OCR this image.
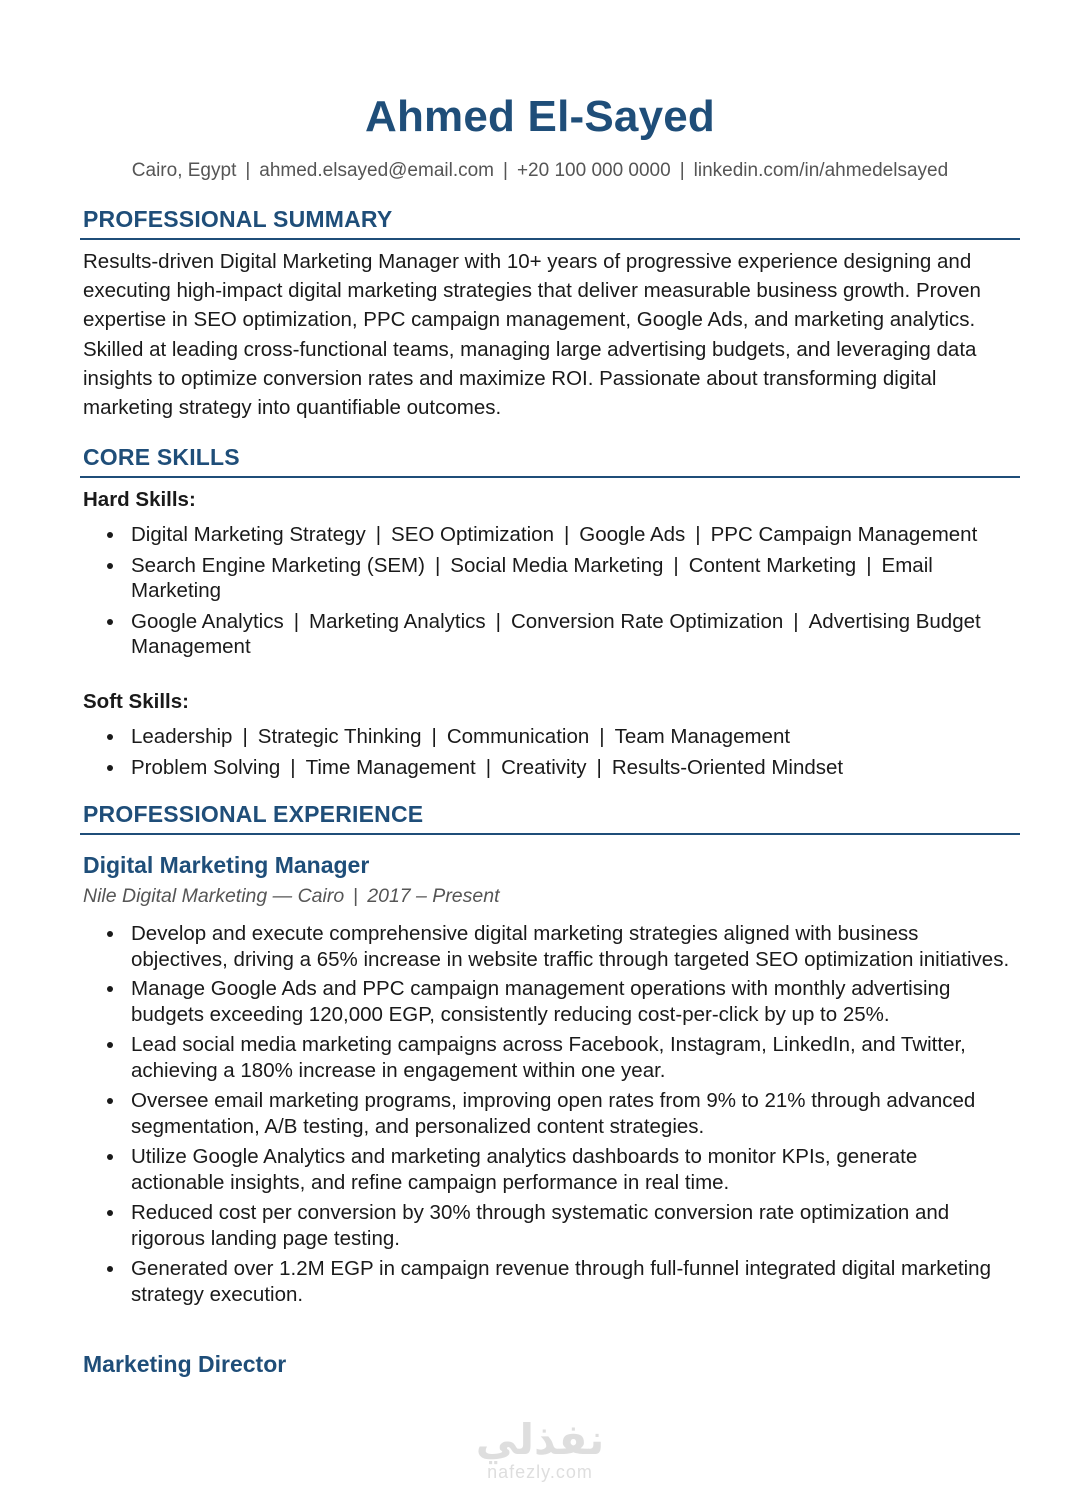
Ahmed El-Sayed
Cairo, Egypt | ahmed.elsayed@email.com | +20 100 000 0000 | linkedin.com/in/ahmedelsayed
PROFESSIONAL SUMMARY

Results-driven Digital Marketing Manager with 10+ years of progressive experience designing and executing high-impact digital marketing strategies that deliver measurable business growth. Proven expertise in SEO optimization, PPC campaign management, Google Ads, and marketing analytics. Skilled at leading cross-functional teams, managing large advertising budgets, and leveraging data insights to optimize conversion rates and maximize ROI. Passionate about transforming digital marketing strategy into quantifiable outcomes.

CORE SKILLS
Hard Skills:
Digital Marketing Strategy | SEO Optimization | Google Ads | PPC Campaign Management
Search Engine Marketing (SEM) | Social Media Marketing | Content Marketing | Email Marketing
Google Analytics | Marketing Analytics | Conversion Rate Optimization | Advertising Budget Management
Soft Skills:
Leadership | Strategic Thinking | Communication | Team Management
Problem Solving | Time Management | Creativity | Results-Oriented Mindset
PROFESSIONAL EXPERIENCE
Digital Marketing Manager
Nile Digital Marketing — Cairo | 2017 – Present
Develop and execute comprehensive digital marketing strategies aligned with business objectives, driving a 65% increase in website traffic through targeted SEO optimization initiatives.
Manage Google Ads and PPC campaign management operations with monthly advertising budgets exceeding 120,000 EGP, consistently reducing cost-per-click by up to 25%.
Lead social media marketing campaigns across Facebook, Instagram, LinkedIn, and Twitter, achieving a 180% increase in engagement within one year.
Oversee email marketing programs, improving open rates from 9% to 21% through advanced segmentation, A/B testing, and personalized content strategies.
Utilize Google Analytics and marketing analytics dashboards to monitor KPIs, generate actionable insights, and refine campaign performance in real time.
Reduced cost per conversion by 30% through systematic conversion rate optimization and rigorous landing page testing.
Generated over 1.2M EGP in campaign revenue through full-funnel integrated digital marketing strategy execution.
Marketing Director
نفذلي
nafezly.com
